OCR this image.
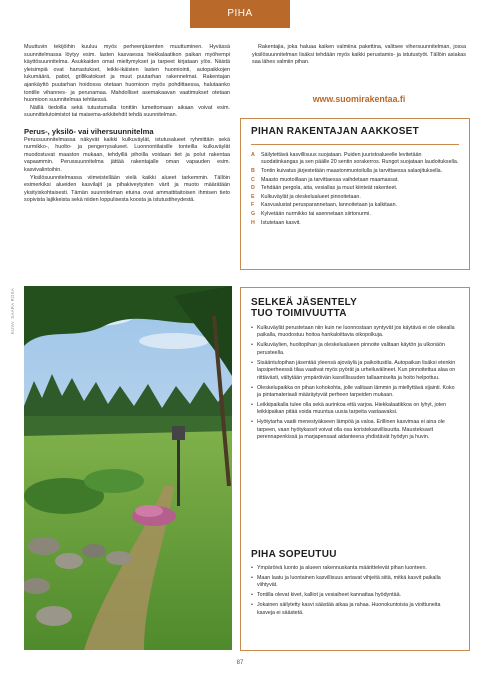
PIHA

Muuttuvin tekijöihin kuuluu myös perheenjäsenten muuttuminen. Hyvässä suunnitelmassa löytyy esim. lasten kasvaessa hiekkalaatikon paikan myöhempi käyttösuunnitelma. Asukkaiden omat mieltymykset ja tarpeet kirjataan ylös. Näistä yleisimpiä ovat harrastukset, leikki-ikäisten lasten huomiointi, autopaikkojen lukumäärä, patiot, grillikatokset ja muut puutarhan rakennelmat. Rakentajan ajankäyttö puutarhan hoidossa otetaan huomioon myös pohdittaessa, halutaanko tontille vihannes- ja perunamaa. Mahdolliset asemakaavan vaatimukset otetaan huomioon suunnitelmaa tehtäessä.

Näillä tiedoilla sekä tutustumalla tonttiin lumettomaan aikaan voivat esim. suunnittelutoimistot tai maisema-arkkitehdit tehdä suunnitelman.

Perus-, yksilö- vai vihersuunnitelma

Perussuunnitelmassa näkyvät kaikki kulkuväylät, istutusalueet ryhmittäin sekä nurmikko-, huolto- ja pengerrysalueet. Luonnontilaisille tonteilla kulkuväylät muodostuvat maaston mukaan, tehdyillä pihoilla voidaan tiet ja polut rakentaa vapaammin. Perussuunnitelma jättää rakentajalle oman vapauden esim. kasvivalintoihin.

Yksilösuunnitelmassa viimeistellään vielä kaikki alueet tarkemmin. Tällöin esimerkiksi alueiden kasvilajit ja pihakiveytysten värit ja muoto määrätään yksityiskohtaisesti. Tämän suunnitelman etuina ovat ammattitaitoisen ihmisen tieto sopivista lajikkeista sekä niiden loppulisesta koosta ja istutustiheydestä.

Rakentajia, joka haluaa kaiken valmiina pakettina, valitsee vihersuunnitelman, jossa yksilösuunnitelman lisäksi tehdään myös kaikki perustamis- ja istutustyöt. Tällöin asiakas saa lähes valmiin pihan.

www.suomirakentaa.fi
PIHAN RAKENTAJAN AAKKOSET
A	Säilytettävä kasvillisuus suojataan. Puiden juuristoalueelle levitetään suodatinkangas ja sen päälle 20 sentin sorakerros. Rungot suojataan laudoituksella.
B	Tontin kuivatus järjestetään maastonmuotoilulla ja tarvittaessa salaojituksella.
C	Maasto muotoillaan ja tarvittaessa vaihdetaan maamassat.
D	Tehdään pergola, aita, vesiallas ja muut kiinteät rakenteet.
E	Kulkuväylät ja oleskelualueet pinnoitetaan.
F	Kasvualustat perusparannetaan, lannoitetaan ja kalkitaan.
G	Kylvetään nurmikko tai asennetaan siirtonurmi.
H	Istutetaan kasvit.
SELKEÄ JÄSENTELY
TUO TOIMIVUUTTA
• Kulkuväylät perustetaan niin kuin ne luonnostaan syntyvät jos käytävä ei ole oikealla paikalla, muodostuu hoitoa hankaloittavia oikopolkuja.
• Kulkuväylien, huoltopihan ja oleskelualueen pinnoite valitaan käytön ja ulkonäön perusteella.
• Sisääntulopihan jäsentää yleensä ajoväylä ja paikoitustila. Autopaikan lisäksi etenkin lapsiperheessä tilaa vaativat myös pyörät ja urheiluvälineet. Kun pinnoitettua alaa on riittävästi, vältytään ympäröivän kasvillisuuden tallaamiselta ja hoito helpottuu.
• Oleskelupaikka on pihan kohokohta, jolle valitaan lämmin ja miellyttävä sijainti. Koko ja pintamateriaali määräytyvät perheen tarpeiden mukaan.
• Leikkipaikalla tulee olla sekä aurinkoa että varjoa. Hiekkalaatikkoa on lyhyt, joten leikkipaikan pitää voida muuntua uusia tarpeita vastaavaksi.
• Hyötytarha vaatii menestyäkseen lämpöä ja valoa. Erillinen kasvimaa ei aina ole tarpeen, vaan hyötykasvit voivat olla osa koristekasvillisuutta. Mausteksavit perennapenkissä ja marjapensaat aidanteena yhdistävät hyödyn ja huvin.
PIHA SOPEUTUU
• Ympäröivä luonto ja alueen rakennuskanta määrittelevät pihan luonteen.
• Maan laatu ja luontainen kasvillisuus antavat vihjeitä siitä, mitkä kasvit paikalla viihtyvät.
• Tontilla olevat kivet, kalliot ja vesiaiheet kannattaa hyödyntää.
• Jokainen säilytetty kasvi säästää aikaa ja rahaa. Huonokuntoisia ja vioittuneita kasveja ei säästetä.
KUVA: SAARA ROSA
87
